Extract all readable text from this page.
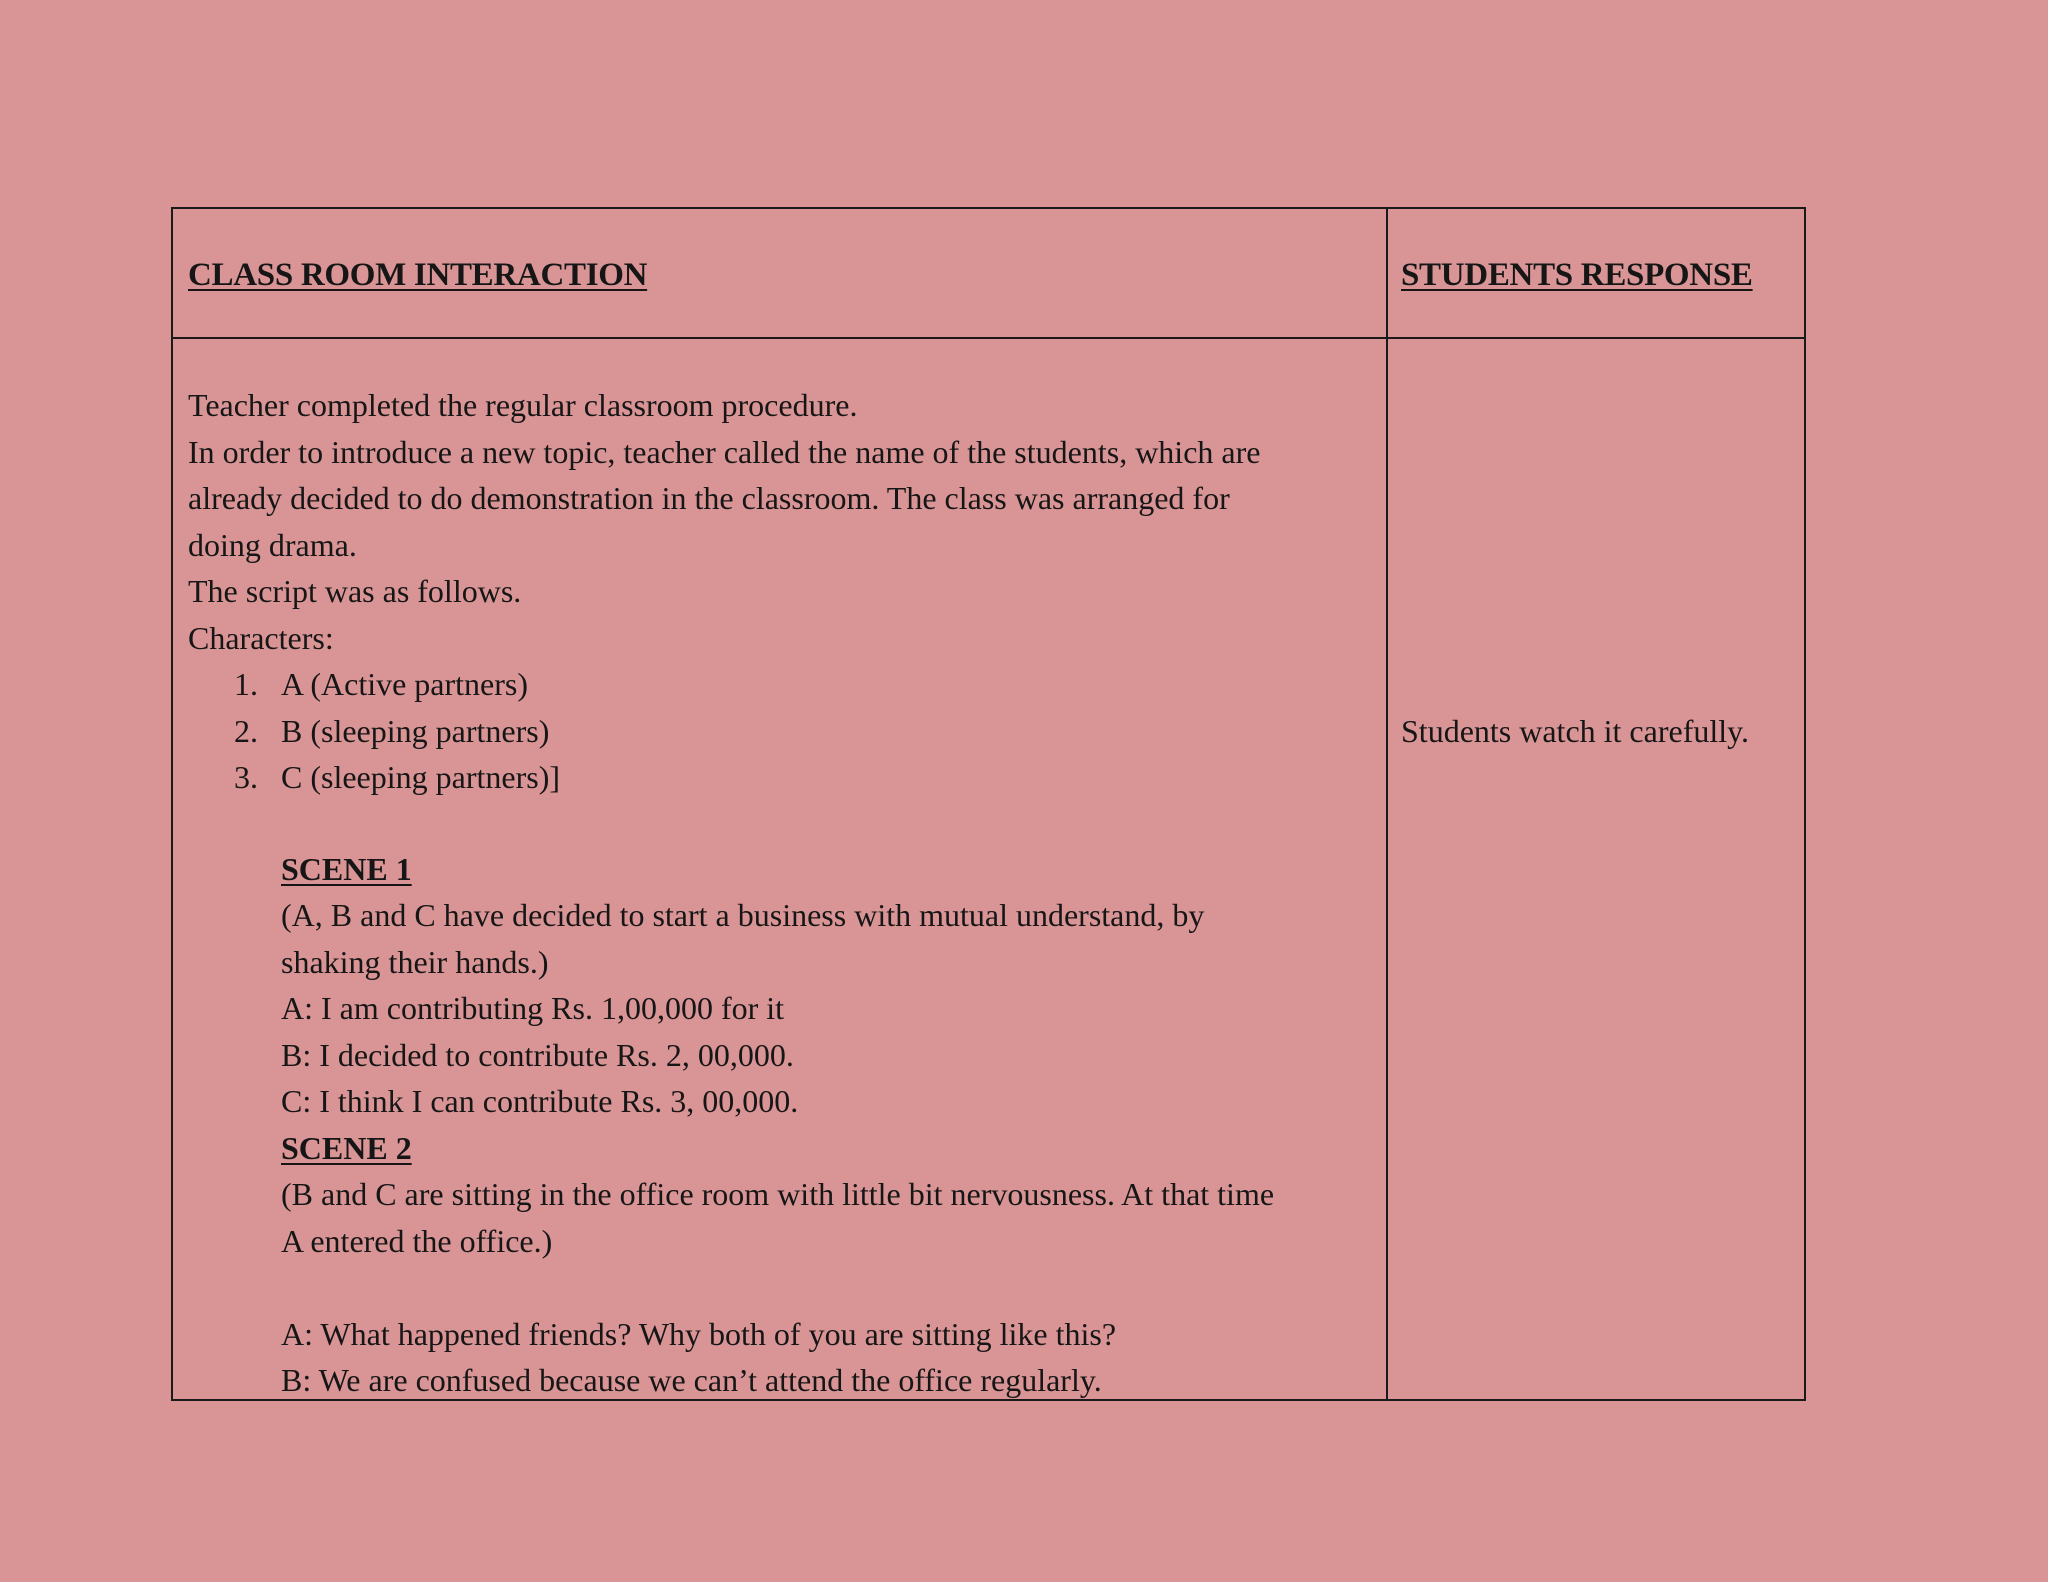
CLASS ROOM INTERACTION	STUDENTS RESPONSE
Teacher completed the regular classroom procedure.
In order to introduce a new topic, teacher called the name of the students, which are
already decided to do demonstration in the classroom. The class was arranged for
doing drama.
The script was as follows.
Characters:
1. A (Active partners)
2. B (sleeping partners)
3. C (sleeping partners)]
SCENE 1
(A, B and C have decided to start a business with mutual understand, by
shaking their hands.)
A: I am contributing Rs. 1,00,000 for it
B: I decided to contribute Rs. 2, 00,000.
C: I think I can contribute Rs. 3, 00,000.
SCENE 2
(B and C are sitting in the office room with little bit nervousness. At that time
A entered the office.)
A: What happened friends? Why both of you are sitting like this?
B: We are confused because we can’t attend the office regularly.
Students watch it carefully.
